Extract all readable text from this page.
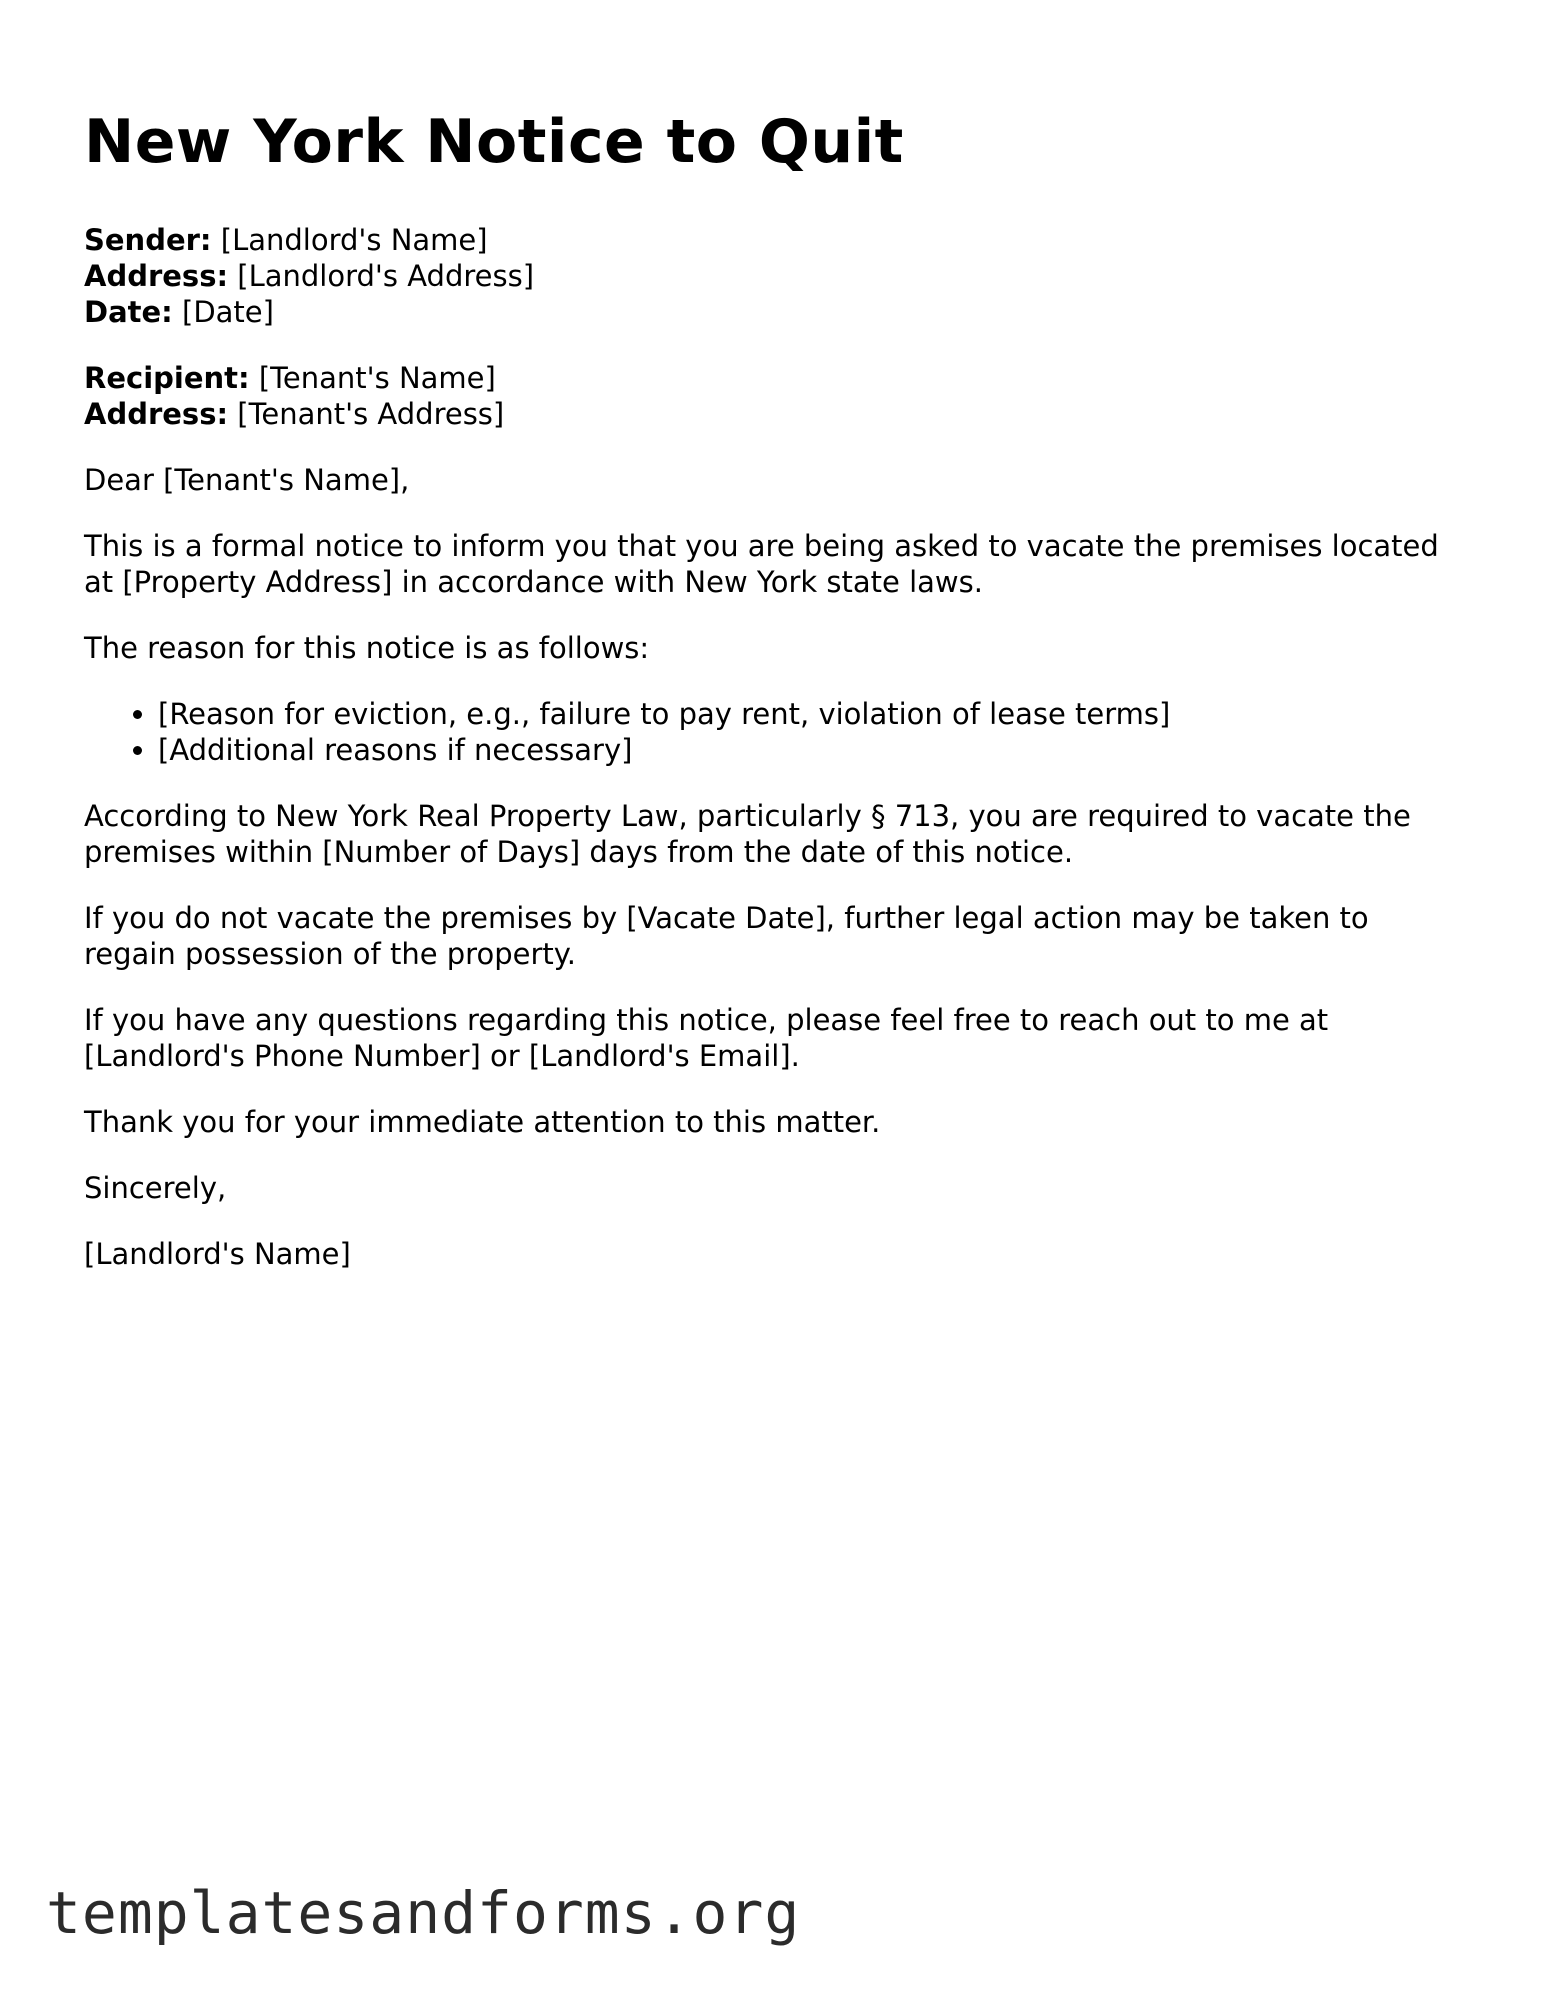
New York Notice to Quit
Sender: [Landlord's Name]
Address: [Landlord's Address]
Date: [Date]
Recipient: [Tenant's Name]
Address: [Tenant's Address]

Dear [Tenant's Name],

This is a formal notice to inform you that you are being asked to vacate the premises located at [Property Address] in accordance with New York state laws.

The reason for this notice is as follows:

• [Reason for eviction, e.g., failure to pay rent, violation of lease terms]
• [Additional reasons if necessary]

According to New York Real Property Law, particularly § 713, you are required to vacate the premises within [Number of Days] days from the date of this notice.

If you do not vacate the premises by [Vacate Date], further legal action may be taken to regain possession of the property.

If you have any questions regarding this notice, please feel free to reach out to me at [Landlord's Phone Number] or [Landlord's Email].

Thank you for your immediate attention to this matter.

Sincerely,

[Landlord's Name]

templatesandforms.org
